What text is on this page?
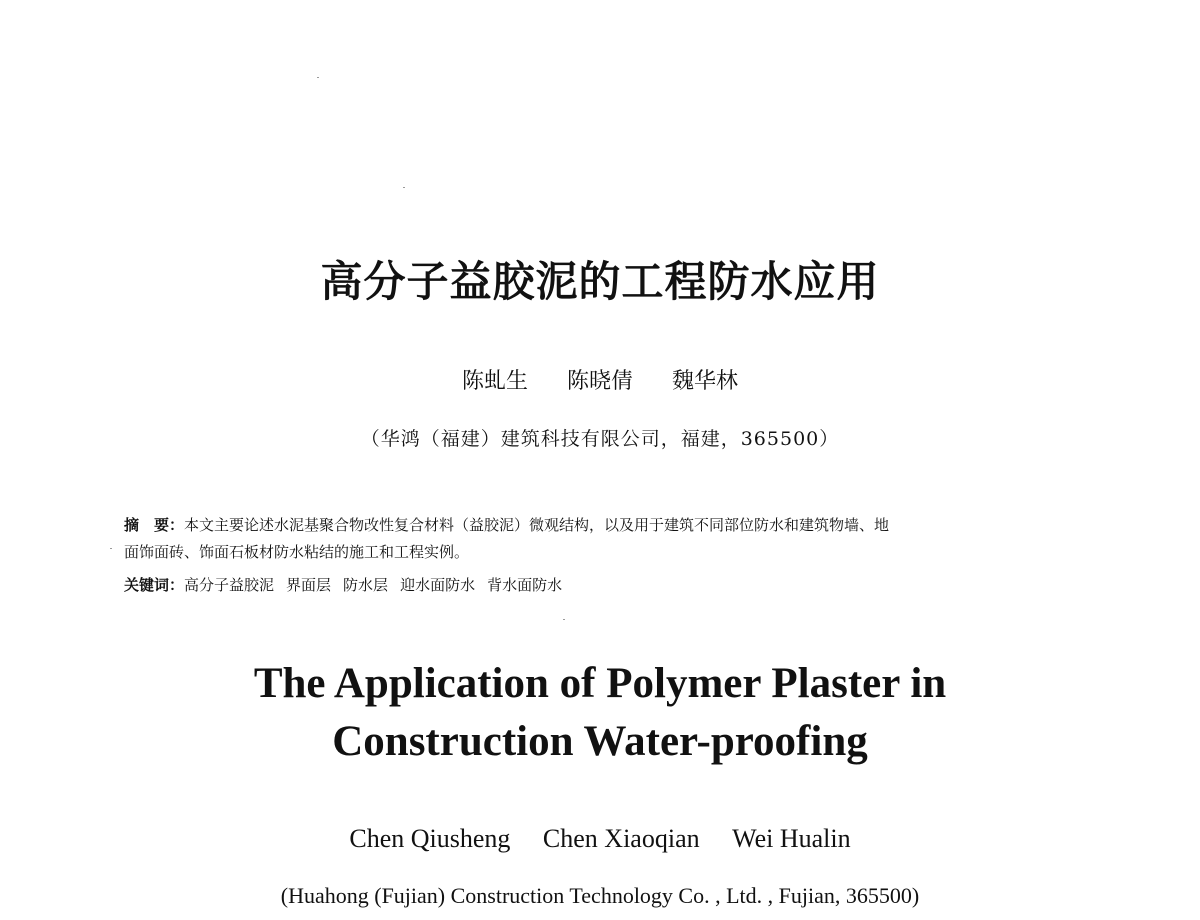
高分子益胶泥的工程防水应用
陈虬生 陈晓倩 魏华林
（华鸿（福建）建筑科技有限公司，福建，365500）
摘　要：本文主要论述水泥基聚合物改性复合材料（益胶泥）微观结构，以及用于建筑不同部位防水和建筑物墙、地
面饰面砖、饰面石板材防水粘结的施工和工程实例。
关键词：高分子益胶泥 界面层 防水层 迎水面防水 背水面防水
The Application of Polymer Plaster in
Construction Water-proofing
Chen Qiusheng Chen Xiaoqian Wei Hualin
(Huahong (Fujian) Construction Technology Co. , Ltd. , Fujian, 365500)
